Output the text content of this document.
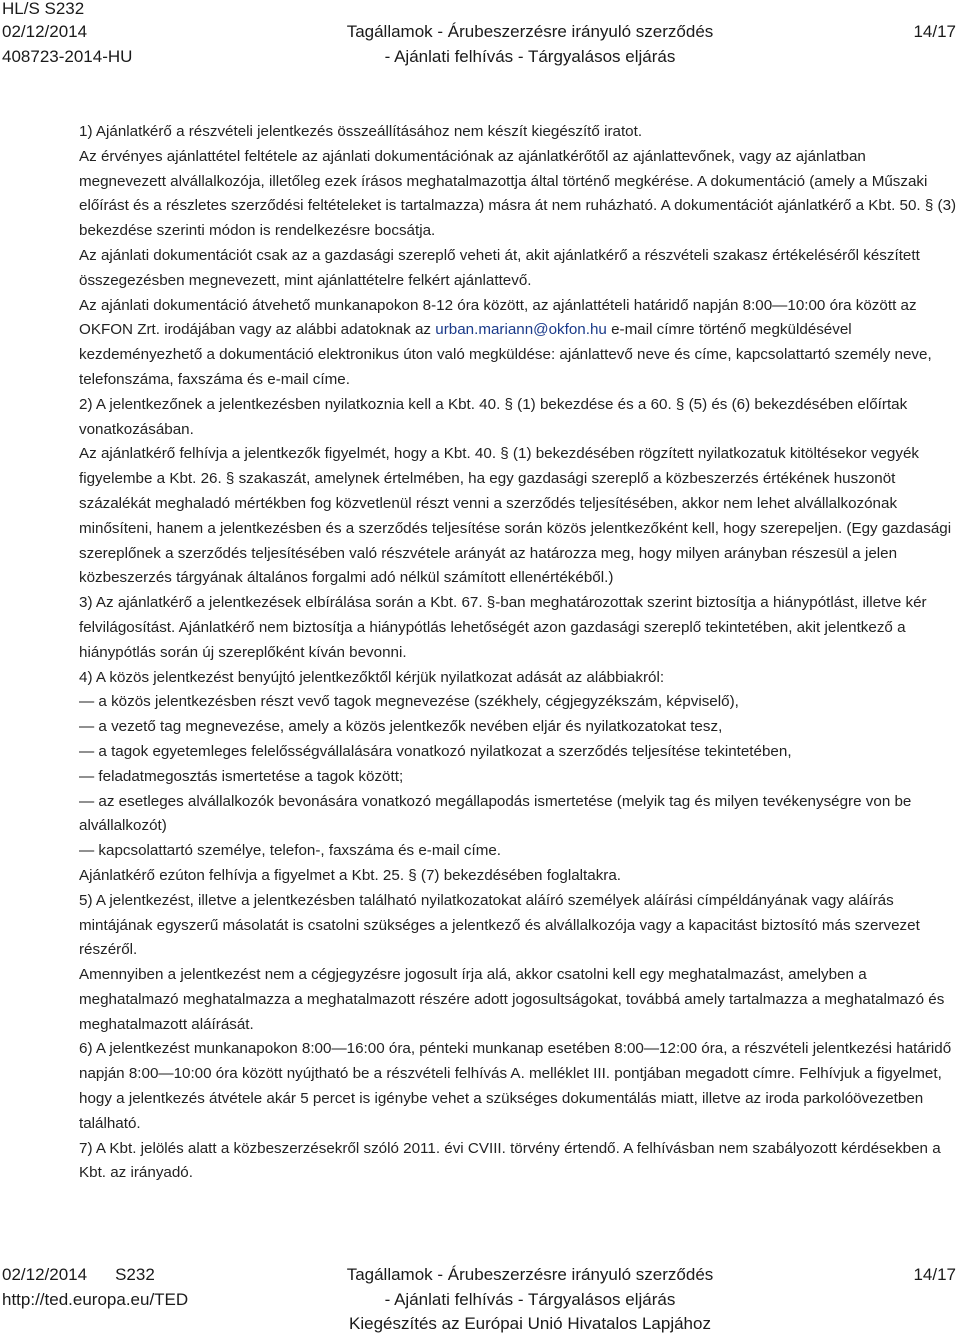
HL/S S232
02/12/2014
408723-2014-HU
Tagállamok - Árubeszerzésre irányuló szerződés
- Ajánlati felhívás - Tárgyalásos eljárás
14/17

1) Ajánlatkérő a részvételi jelentkezés összeállításához nem készít kiegészítő iratot.

Az érvényes ajánlattétel feltétele az ajánlati dokumentációnak az ajánlatkérőtől az ajánlattevőnek, vagy az ajánlatban megnevezett alvállalkozója, illetőleg ezek írásos meghatalmazottja által történő megkérése. A dokumentáció (amely a Műszaki előírást és a részletes szerződési feltételeket is tartalmazza) másra át nem ruházható. A dokumentációt ajánlatkérő a Kbt. 50. § (3) bekezdése szerinti módon is rendelkezésre bocsátja.

Az ajánlati dokumentációt csak az a gazdasági szereplő veheti át, akit ajánlatkérő a részvételi szakasz értékeléséről készített összegezésben megnevezett, mint ajánlattételre felkért ajánlattevő.

Az ajánlati dokumentáció átvehető munkanapokon 8-12 óra között, az ajánlattételi határidő napján 8:00—10:00 óra között az OKFON Zrt. irodájában vagy az alábbi adatoknak az urban.mariann@okfon.hu e-mail címre történő megküldésével kezdeményezhető a dokumentáció elektronikus úton való megküldése: ajánlattevő neve és címe, kapcsolattartó személy neve, telefonszáma, faxszáma és e-mail címe.

2) A jelentkezőnek a jelentkezésben nyilatkoznia kell a Kbt. 40. § (1) bekezdése és a 60. § (5) és (6) bekezdésében előírtak vonatkozásában.

Az ajánlatkérő felhívja a jelentkezők figyelmét, hogy a Kbt. 40. § (1) bekezdésében rögzített nyilatkozatuk kitöltésekor vegyék figyelembe a Kbt. 26. § szakaszát, amelynek értelmében, ha egy gazdasági szereplő a közbeszerzés értékének huszonöt százalékát meghaladó mértékben fog közvetlenül részt venni a szerződés teljesítésében, akkor nem lehet alvállalkozónak minősíteni, hanem a jelentkezésben és a szerződés teljesítése során közös jelentkezőként kell, hogy szerepeljen. (Egy gazdasági szereplőnek a szerződés teljesítésében való részvétele arányát az határozza meg, hogy milyen arányban részesül a jelen közbeszerzés tárgyának általános forgalmi adó nélkül számított ellenértékéből.)

3) Az ajánlatkérő a jelentkezések elbírálása során a Kbt. 67. §-ban meghatározottak szerint biztosítja a hiánypótlást, illetve kér felvilágosítást. Ajánlatkérő nem biztosítja a hiánypótlás lehetőségét azon gazdasági szereplő tekintetében, akit jelentkező a hiánypótlás során új szereplőként kíván bevonni.

4) A közös jelentkezést benyújtó jelentkezőktől kérjük nyilatkozat adását az alábbiakról:

— a közös jelentkezésben részt vevő tagok megnevezése (székhely, cégjegyzékszám, képviselő),

— a vezető tag megnevezése, amely a közös jelentkezők nevében eljár és nyilatkozatokat tesz,

— a tagok egyetemleges felelősségvállalására vonatkozó nyilatkozat a szerződés teljesítése tekintetében,

— feladatmegosztás ismertetése a tagok között;

— az esetleges alvállalkozók bevonására vonatkozó megállapodás ismertetése (melyik tag és milyen tevékenységre von be alvállalkozót)

— kapcsolattartó személye, telefon-, faxszáma és e-mail címe.

Ajánlatkérő ezúton felhívja a figyelmet a Kbt. 25. § (7) bekezdésében foglaltakra.

5) A jelentkezést, illetve a jelentkezésben található nyilatkozatokat aláíró személyek aláírási címpéldányának vagy aláírás mintájának egyszerű másolatát is csatolni szükséges a jelentkező és alvállalkozója vagy a kapacitást biztosító más szervezet részéről.

Amennyiben a jelentkezést nem a cégjegyzésre jogosult írja alá, akkor csatolni kell egy meghatalmazást, amelyben a meghatalmazó meghatalmazza a meghatalmazott részére adott jogosultságokat, továbbá amely tartalmazza a meghatalmazó és meghatalmazott aláírását.

6) A jelentkezést munkanapokon 8:00—16:00 óra, pénteki munkanap esetében 8:00—12:00 óra, a részvételi jelentkezési határidő napján 8:00—10:00 óra között nyújtható be a részvételi felhívás A. melléklet III. pontjában megadott címre. Felhívjuk a figyelmet, hogy a jelentkezés átvétele akár 5 percet is igénybe vehet a szükséges dokumentálás miatt, illetve az iroda parkolóövezetben található.

7) A Kbt. jelölés alatt a közbeszerzésekről szóló 2011. évi CVIII. törvény értendő. A felhívásban nem szabályozott kérdésekben a Kbt. az irányadó.

02/12/2014 S232
http://ted.europa.eu/TED
Tagállamok - Árubeszerzésre irányuló szerződés
- Ajánlati felhívás - Tárgyalásos eljárás
Kiegészítés az Európai Unió Hivatalos Lapjához
14/17
